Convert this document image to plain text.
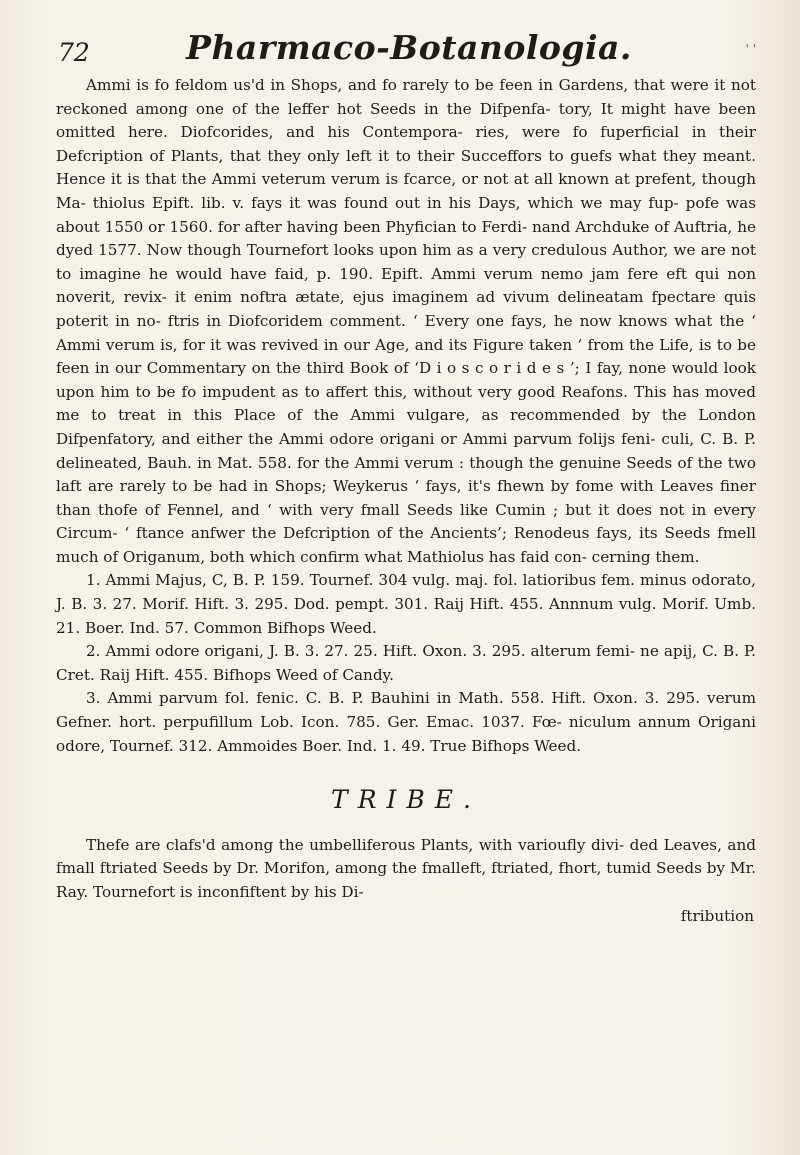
72	Pharmaco-Botanologia.	' '

Ammi is fo feldom us'd in Shops, and fo rarely to be feen in Gardens, that were it not reckoned among one of the leffer hot Seeds in the Difpenfa- tory, It might have been omitted here. Diofcorides, and his Contempora- ries, were fo fuperficial in their Defcription of Plants, that they only left it to their Succeffors to guefs what they meant. Hence it is that the Ammi veterum verum is fcarce, or not at all known at prefent, though Ma- thiolus Epift. lib. v. fays it was found out in his Days, which we may fup- pofe was about 1550 or 1560. for after having been Phyfician to Ferdi- nand Archduke of Auftria, he dyed 1577. Now though Tournefort looks upon him as a very credulous Author, we are not to imagine he would have faid, p. 190. Epift. Ammi verum nemo jam fere eft qui non noverit, revix- it enim noftra ætate, ejus imaginem ad vivum delineatam fpectare quis poterit in no- ftris in Diofcoridem comment. ‘ Every one fays, he now knows what the ‘ Ammi verum is, for it was revived in our Age, and its Figure taken ‘ from the Life, is to be feen in our Commentary on the third Book of ‘D i o s c o r i d e s ’; I fay, none would look upon him to be fo impudent as to affert this, without very good Reafons. This has moved me to treat in this Place of the Ammi vulgare, as recommended by the London Difpenfatory, and either the Ammi odore origani or Ammi parvum folijs feni- culi, C. B. P. delineated, Bauh. in Mat. 558. for the Ammi verum : though the genuine Seeds of the two laft are rarely to be had in Shops; Weykerus ‘ fays, it's fhewn by fome with Leaves finer than thofe of Fennel, and ‘ with very fmall Seeds like Cumin ; but it does not in every Circum- ‘ ftance anfwer the Defcription of the Ancients’; Renodeus fays, its Seeds fmell much of Origanum, both which confirm what Mathiolus has faid con- cerning them.

1. Ammi Majus, C, B. P. 159. Tournef. 304 vulg. maj. fol. latioribus fem. minus odorato, J. B. 3. 27. Morif. Hift. 3. 295. Dod. pempt. 301. Raij Hift. 455. Annnum vulg. Morif. Umb. 21. Boer. Ind. 57. Common Bifhops Weed.

2. Ammi odore origani, J. B. 3. 27. 25. Hift. Oxon. 3. 295. alterum femi- ne apij, C. B. P. Cret. Raij Hift. 455. Bifhops Weed of Candy.

3. Ammi parvum fol. fenic. C. B. P. Bauhini in Math. 558. Hift. Oxon. 3. 295. verum Gefner. hort. perpufillum Lob. Icon. 785. Ger. Emac. 1037. Fœ- niculum annum Origani odore, Tournef. 312. Ammoides Boer. Ind. 1. 49. True Bifhops Weed.

TRIBE.

Thefe are clafs'd among the umbelliferous Plants, with varioufly divi- ded Leaves, and fmall ftriated Seeds by Dr. Morifon, among the fmalleft, ftriated, fhort, tumid Seeds by Mr. Ray. Tournefort is inconfiftent by his Di-

ftribution
